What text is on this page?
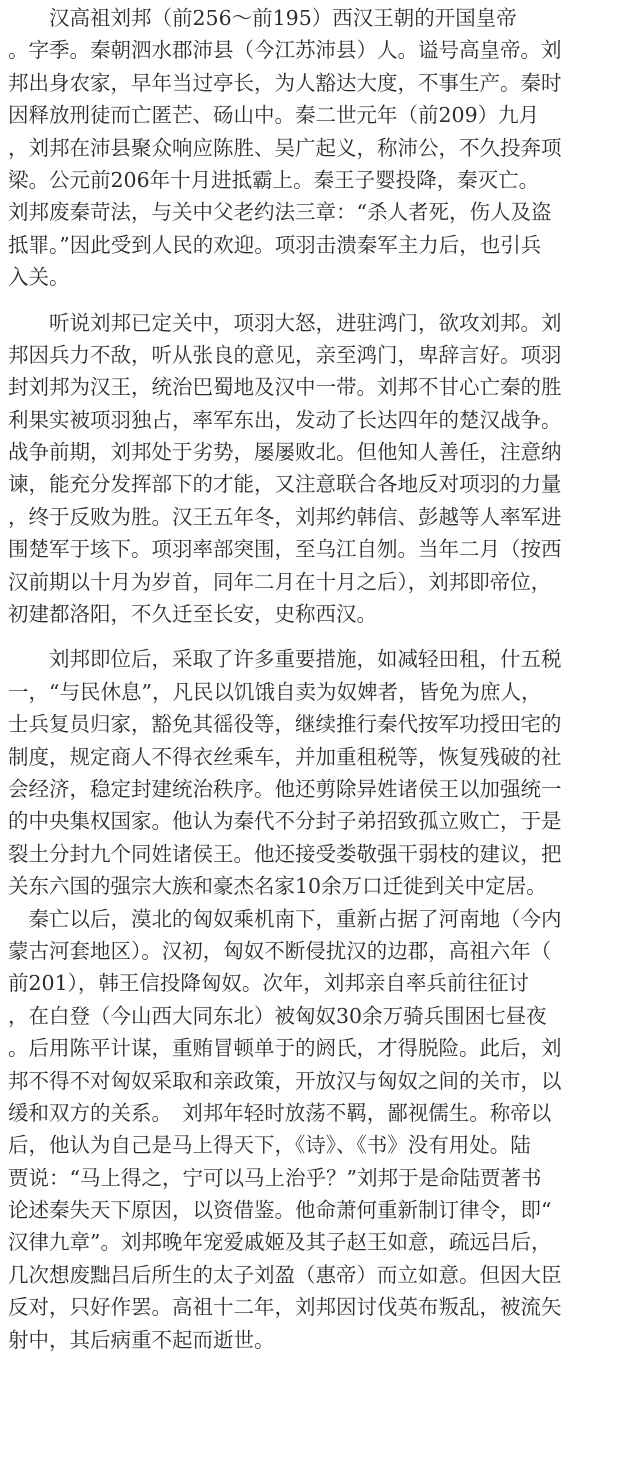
　　汉高祖刘邦（前256～前195）西汉王朝的开国皇帝
。字季。秦朝泗水郡沛县（今江苏沛县）人。谥号高皇帝。刘
邦出身农家，早年当过亭长，为人豁达大度，不事生产。秦时
因释放刑徒而亡匿芒、砀山中。秦二世元年（前209）九月
，刘邦在沛县聚众响应陈胜、吴广起义，称沛公，不久投奔项
梁。公元前206年十月进抵霸上。秦王子婴投降，秦灭亡。
刘邦废秦苛法，与关中父老约法三章：“杀人者死，伤人及盗
抵罪。”因此受到人民的欢迎。项羽击溃秦军主力后，也引兵
入关。
　　听说刘邦已定关中，项羽大怒，进驻鸿门，欲攻刘邦。刘
邦因兵力不敌，听从张良的意见，亲至鸿门，卑辞言好。项羽
封刘邦为汉王，统治巴蜀地及汉中一带。刘邦不甘心亡秦的胜
利果实被项羽独占，率军东出，发动了长达四年的楚汉战争。
战争前期，刘邦处于劣势，屡屡败北。但他知人善任，注意纳
谏，能充分发挥部下的才能，又注意联合各地反对项羽的力量
，终于反败为胜。汉王五年冬，刘邦约韩信、彭越等人率军进
围楚军于垓下。项羽率部突围，至乌江自刎。当年二月（按西
汉前期以十月为岁首，同年二月在十月之后），刘邦即帝位，
初建都洛阳，不久迁至长安，史称西汉。
　　刘邦即位后，采取了许多重要措施，如减轻田租，什五税
一，“与民休息”，凡民以饥饿自卖为奴婢者，皆免为庶人，
士兵复员归家，豁免其徭役等，继续推行秦代按军功授田宅的
制度，规定商人不得衣丝乘车，并加重租税等，恢复残破的社
会经济，稳定封建统治秩序。他还剪除异姓诸侯王以加强统一
的中央集权国家。他认为秦代不分封子弟招致孤立败亡，于是
裂土分封九个同姓诸侯王。他还接受娄敬强干弱枝的建议，把
关东六国的强宗大族和豪杰名家10余万口迁徙到关中定居。
　秦亡以后，漠北的匈奴乘机南下，重新占据了河南地（今内
蒙古河套地区）。汉初，匈奴不断侵扰汉的边郡，高祖六年（
前201），韩王信投降匈奴。次年，刘邦亲自率兵前往征讨
，在白登（今山西大同东北）被匈奴30余万骑兵围困七昼夜
。后用陈平计谋，重贿冒顿单于的阏氏，才得脱险。此后，刘
邦不得不对匈奴采取和亲政策，开放汉与匈奴之间的关市，以
缓和双方的关系。　刘邦年轻时放荡不羁，鄙视儒生。称帝以
后，他认为自己是马上得天下，《诗》、《书》没有用处。陆
贾说：“马上得之，宁可以马上治乎？”刘邦于是命陆贾著书
论述秦失天下原因，以资借鉴。他命萧何重新制订律令，即“
汉律九章”。刘邦晚年宠爱戚姬及其子赵王如意，疏远吕后，
几次想废黜吕后所生的太子刘盈（惠帝）而立如意。但因大臣
反对，只好作罢。高祖十二年，刘邦因讨伐英布叛乱，被流矢
射中，其后病重不起而逝世。
